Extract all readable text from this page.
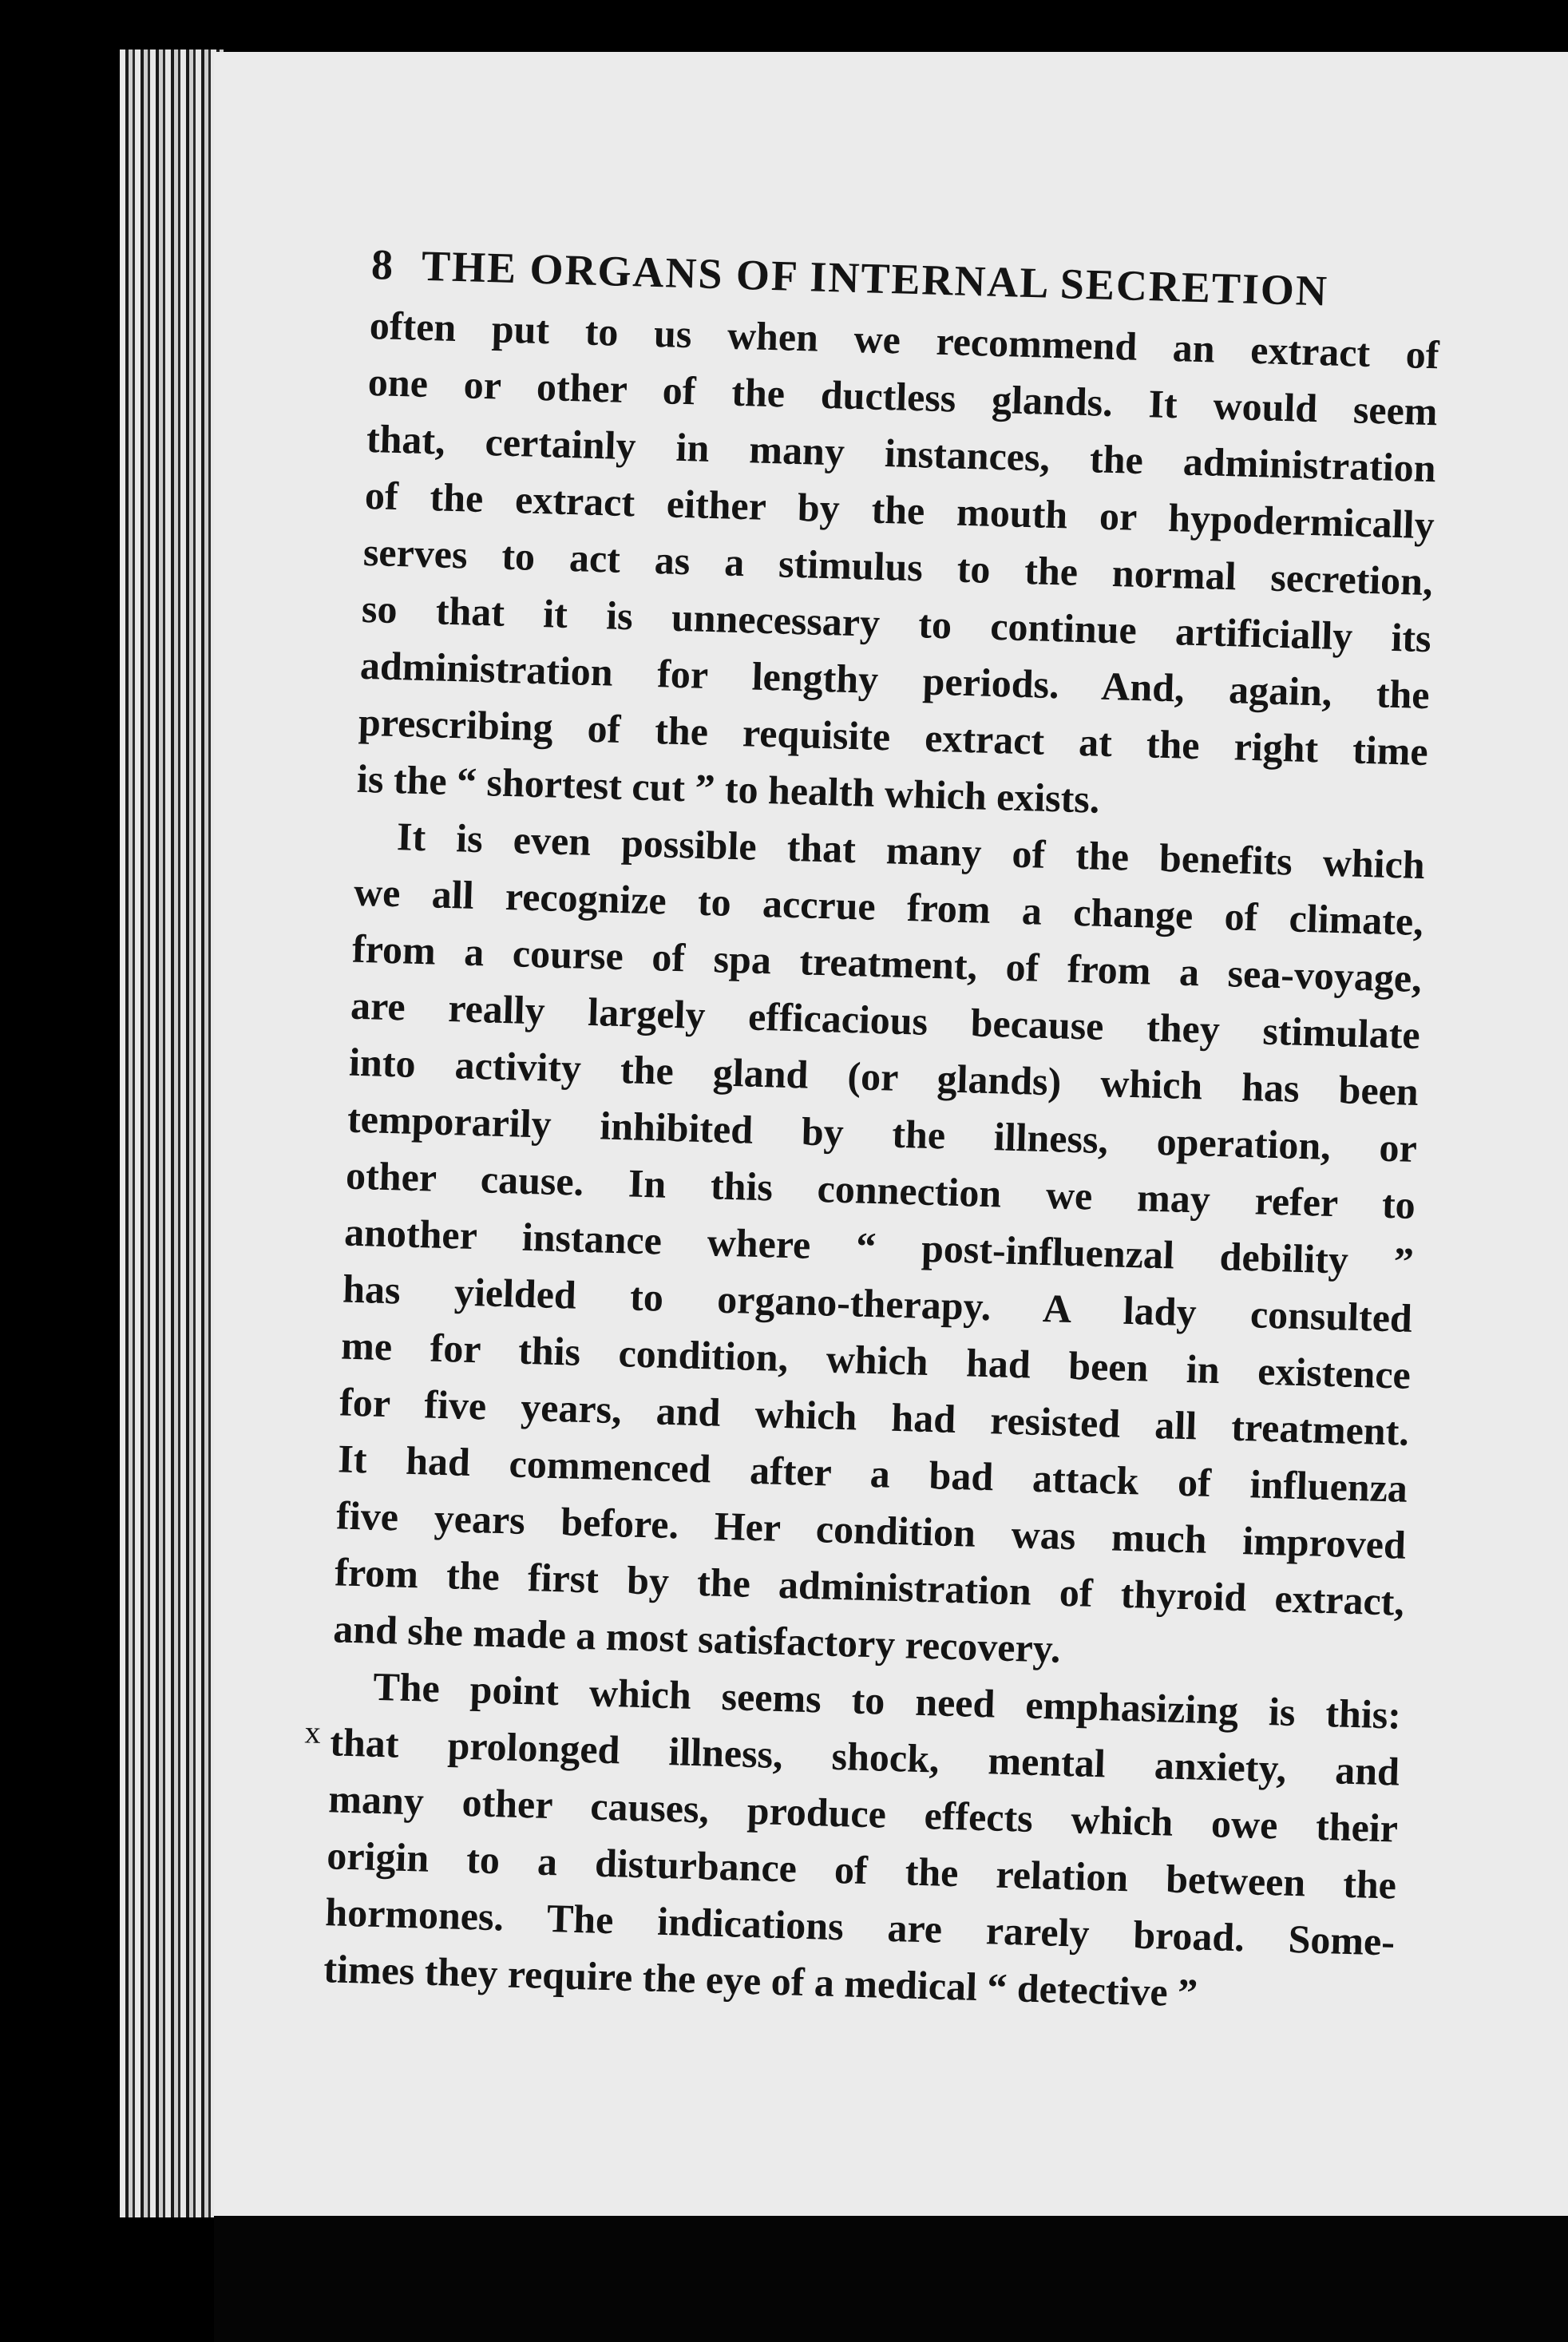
8 THE ORGANS OF INTERNAL SECRETION
often put to us when we recommend an extract of
one or other of the ductless glands. It would seem
that, certainly in many instances, the administration
of the extract either by the mouth or hypodermically
serves to act as a stimulus to the normal secretion,
so that it is unnecessary to continue artificially its
administration for lengthy periods. And, again, the
prescribing of the requisite extract at the right time
is the “ shortest cut ” to health which exists.
It is even possible that many of the benefits which
we all recognize to accrue from a change of climate,
from a course of spa treatment, of from a sea-voyage,
are really largely efficacious because they stimulate
into activity the gland (or glands) which has been
temporarily inhibited by the illness, operation, or
other cause. In this connection we may refer to
another instance where “ post-influenzal debility ”
has yielded to organo-therapy. A lady consulted
me for this condition, which had been in existence
for five years, and which had resisted all treatment.
It had commenced after a bad attack of influenza
five years before. Her condition was much improved
from the first by the administration of thyroid extract,
and she made a most satisfactory recovery.
The point which seems to need emphasizing is this:
that prolonged illness, shock, mental anxiety, and
many other causes, produce effects which owe their
origin to a disturbance of the relation between the
hormones. The indications are rarely broad. Some-
times they require the eye of a medical “ detective ”
x
